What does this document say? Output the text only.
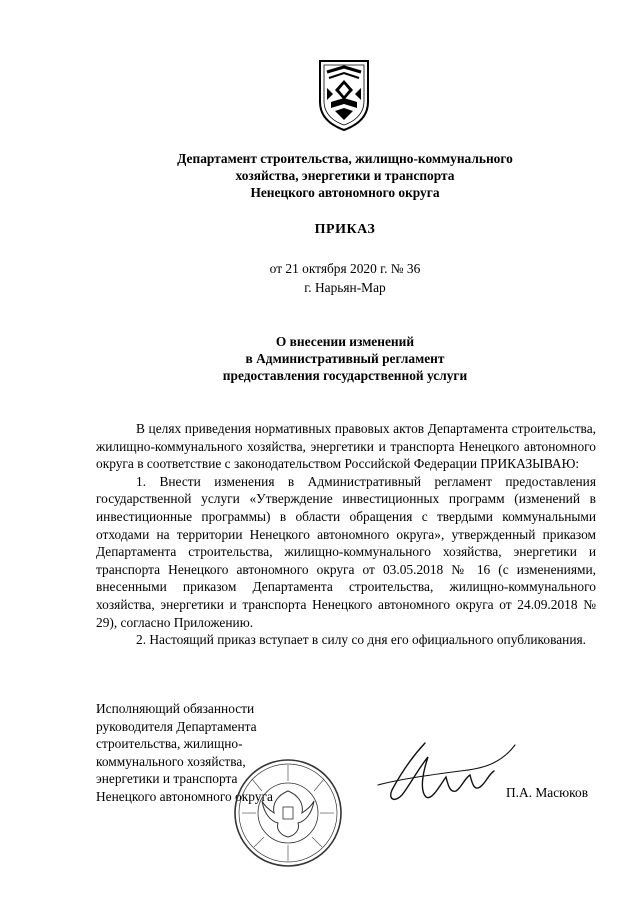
Департамент строительства, жилищно-коммунального
хозяйства, энергетики и транспорта
Ненецкого автономного округа
ПРИКАЗ
от 21 октября 2020 г. № 36
г. Нарьян-Мар
О внесении изменений
в Административный регламент
предоставления государственной услуги

В целях приведения нормативных правовых актов Департамента строительства, жилищно-коммунального хозяйства, энергетики и транспорта Ненецкого автономного округа в соответствие с законодательством Российской Федерации ПРИКАЗЫВАЮ:

1. Внести изменения в Административный регламент предоставления государственной услуги «Утверждение инвестиционных программ (изменений в инвестиционные программы) в области обращения с твердыми коммунальными отходами на территории Ненецкого автономного округа», утвержденный приказом Департамента строительства, жилищно-коммунального хозяйства, энергетики и транспорта Ненецкого автономного округа от 03.05.2018 № 16 (с изменениями, внесенными приказом Департамента строительства, жилищно-коммунального хозяйства, энергетики и транспорта Ненецкого автономного округа от 24.09.2018 № 29), согласно Приложению.

2. Настоящий приказ вступает в силу со дня его официального опубликования.

Исполняющий обязанности
руководителя Департамента
строительства, жилищно-
коммунального хозяйства,
энергетики и транспорта
Ненецкого автономного округа	П.А. Масюков
